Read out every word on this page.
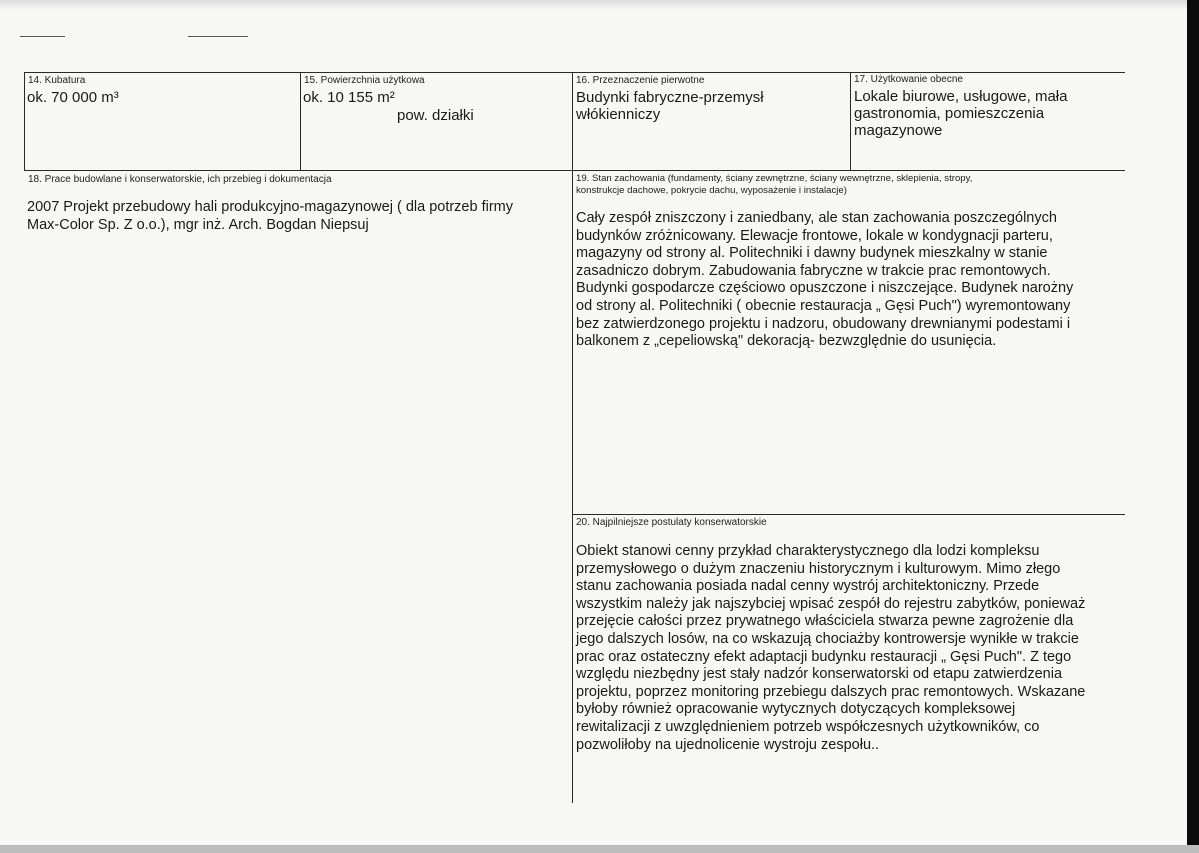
14. Kubatura
ok. 70 000 m³
15. Powierzchnia użytkowa
ok. 10 155 m²
pow. działki
16. Przeznaczenie pierwotne
Budynki fabryczne-przemysł
włókienniczy
17. Użytkowanie obecne
Lokale biurowe, usługowe, mała
gastronomia, pomieszczenia
magazynowe
18. Prace budowlane i konserwatorskie, ich przebieg i dokumentacja
2007 Projekt przebudowy hali produkcyjno-magazynowej ( dla potrzeb firmy
Max-Color Sp. Z o.o.), mgr inż. Arch. Bogdan Niepsuj
19. Stan zachowania (fundamenty, ściany zewnętrzne, ściany wewnętrzne, sklepienia, stropy,
konstrukcje dachowe, pokrycie dachu, wyposażenie i instalacje)
Cały zespół zniszczony i zaniedbany, ale stan zachowania poszczególnych
budynków zróżnicowany. Elewacje frontowe, lokale w kondygnacji parteru,
magazyny od strony al. Politechniki i dawny budynek mieszkalny w stanie
zasadniczo dobrym. Zabudowania fabryczne w trakcie prac remontowych.
Budynki gospodarcze częściowo opuszczone i niszczejące. Budynek narożny
od strony al. Politechniki ( obecnie restauracja „ Gęsi Puch") wyremontowany
bez zatwierdzonego projektu i nadzoru, obudowany drewnianymi podestami i
balkonem z „cepeliowską" dekoracją- bezwzględnie do usunięcia.
20. Najpilniejsze postulaty konserwatorskie
Obiekt stanowi cenny przykład charakterystycznego dla lodzi kompleksu
przemysłowego o dużym znaczeniu historycznym i kulturowym. Mimo złego
stanu zachowania posiada nadal cenny wystrój architektoniczny. Przede
wszystkim należy jak najszybciej wpisać zespół do rejestru zabytków, ponieważ
przejęcie całości przez prywatnego właściciela stwarza pewne zagrożenie dla
jego dalszych losów, na co wskazują chociażby kontrowersje wynikłe w trakcie
prac oraz ostateczny efekt adaptacji budynku restauracji „ Gęsi Puch". Z tego
względu niezbędny jest stały nadzór konserwatorski od etapu zatwierdzenia
projektu, poprzez monitoring przebiegu dalszych prac remontowych. Wskazane
byłoby również opracowanie wytycznych dotyczących kompleksowej
rewitalizacji z uwzględnieniem potrzeb współczesnych użytkowników, co
pozwoliłoby na ujednolicenie wystroju zespołu..
